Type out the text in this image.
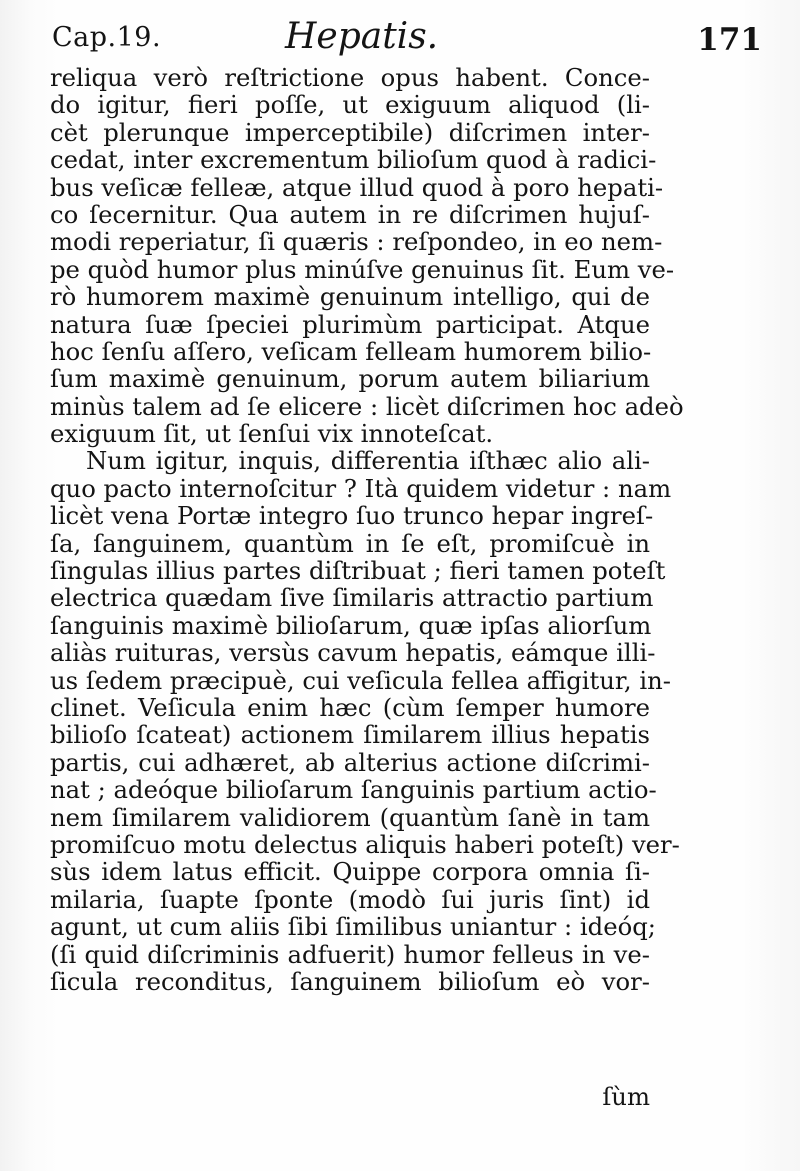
Cap.19.	Hepatis.	171
reliqua verò reſtrictione opus habent. Conce-
do igitur, fieri poſſe, ut exiguum aliquod (li-
cèt plerunque imperceptibile) diſcrimen inter-
cedat, inter excrementum bilioſum quod à radici-
bus veſicæ felleæ, atque illud quod à poro hepati-
co ſecernitur. Qua autem in re diſcrimen hujuſ-
modi reperiatur, ſi quæris : reſpondeo, in eo nem-
pe quòd humor plus minúſve genuinus ſit. Eum ve-
rò humorem maximè genuinum intelligo, qui de
natura ſuæ ſpeciei plurimùm participat. Atque
hoc ſenſu aſſero, veſicam felleam humorem bilio-
ſum maximè genuinum, porum autem biliarium
minùs talem ad ſe elicere : licèt diſcrimen hoc adeò
exiguum ſit, ut ſenſui vix innoteſcat.
Num igitur, inquis, differentia iſthæc alio ali-
quo pacto internoſcitur ? Ità quidem videtur : nam
licèt vena Portæ integro ſuo trunco hepar ingreſ-
ſa, ſanguinem, quantùm in ſe eſt, promiſcuè in
ſingulas illius partes diſtribuat ; fieri tamen poteſt
electrica quædam ſive ſimilaris attractio partium
ſanguinis maximè bilioſarum, quæ ipſas aliorſum
aliàs ruituras, versùs cavum hepatis, eámque illi-
us ſedem præcipuè, cui veſicula fellea affigitur, in-
clinet. Veſicula enim hæc (cùm ſemper humore
bilioſo ſcateat) actionem ſimilarem illius hepatis
partis, cui adhæret, ab alterius actione diſcrimi-
nat ; adeóque bilioſarum ſanguinis partium actio-
nem ſimilarem validiorem (quantùm ſanè in tam
promiſcuo motu delectus aliquis haberi poteſt) ver-
sùs idem latus efficit. Quippe corpora omnia ſi-
milaria, ſuapte ſponte (modò ſui juris ſint) id
agunt, ut cum aliis ſibi ſimilibus uniantur : ideóq;
(ſi quid diſcriminis adfuerit) humor felleus in ve-
ſicula reconditus, ſanguinem bilioſum eò vor-
ſùm
